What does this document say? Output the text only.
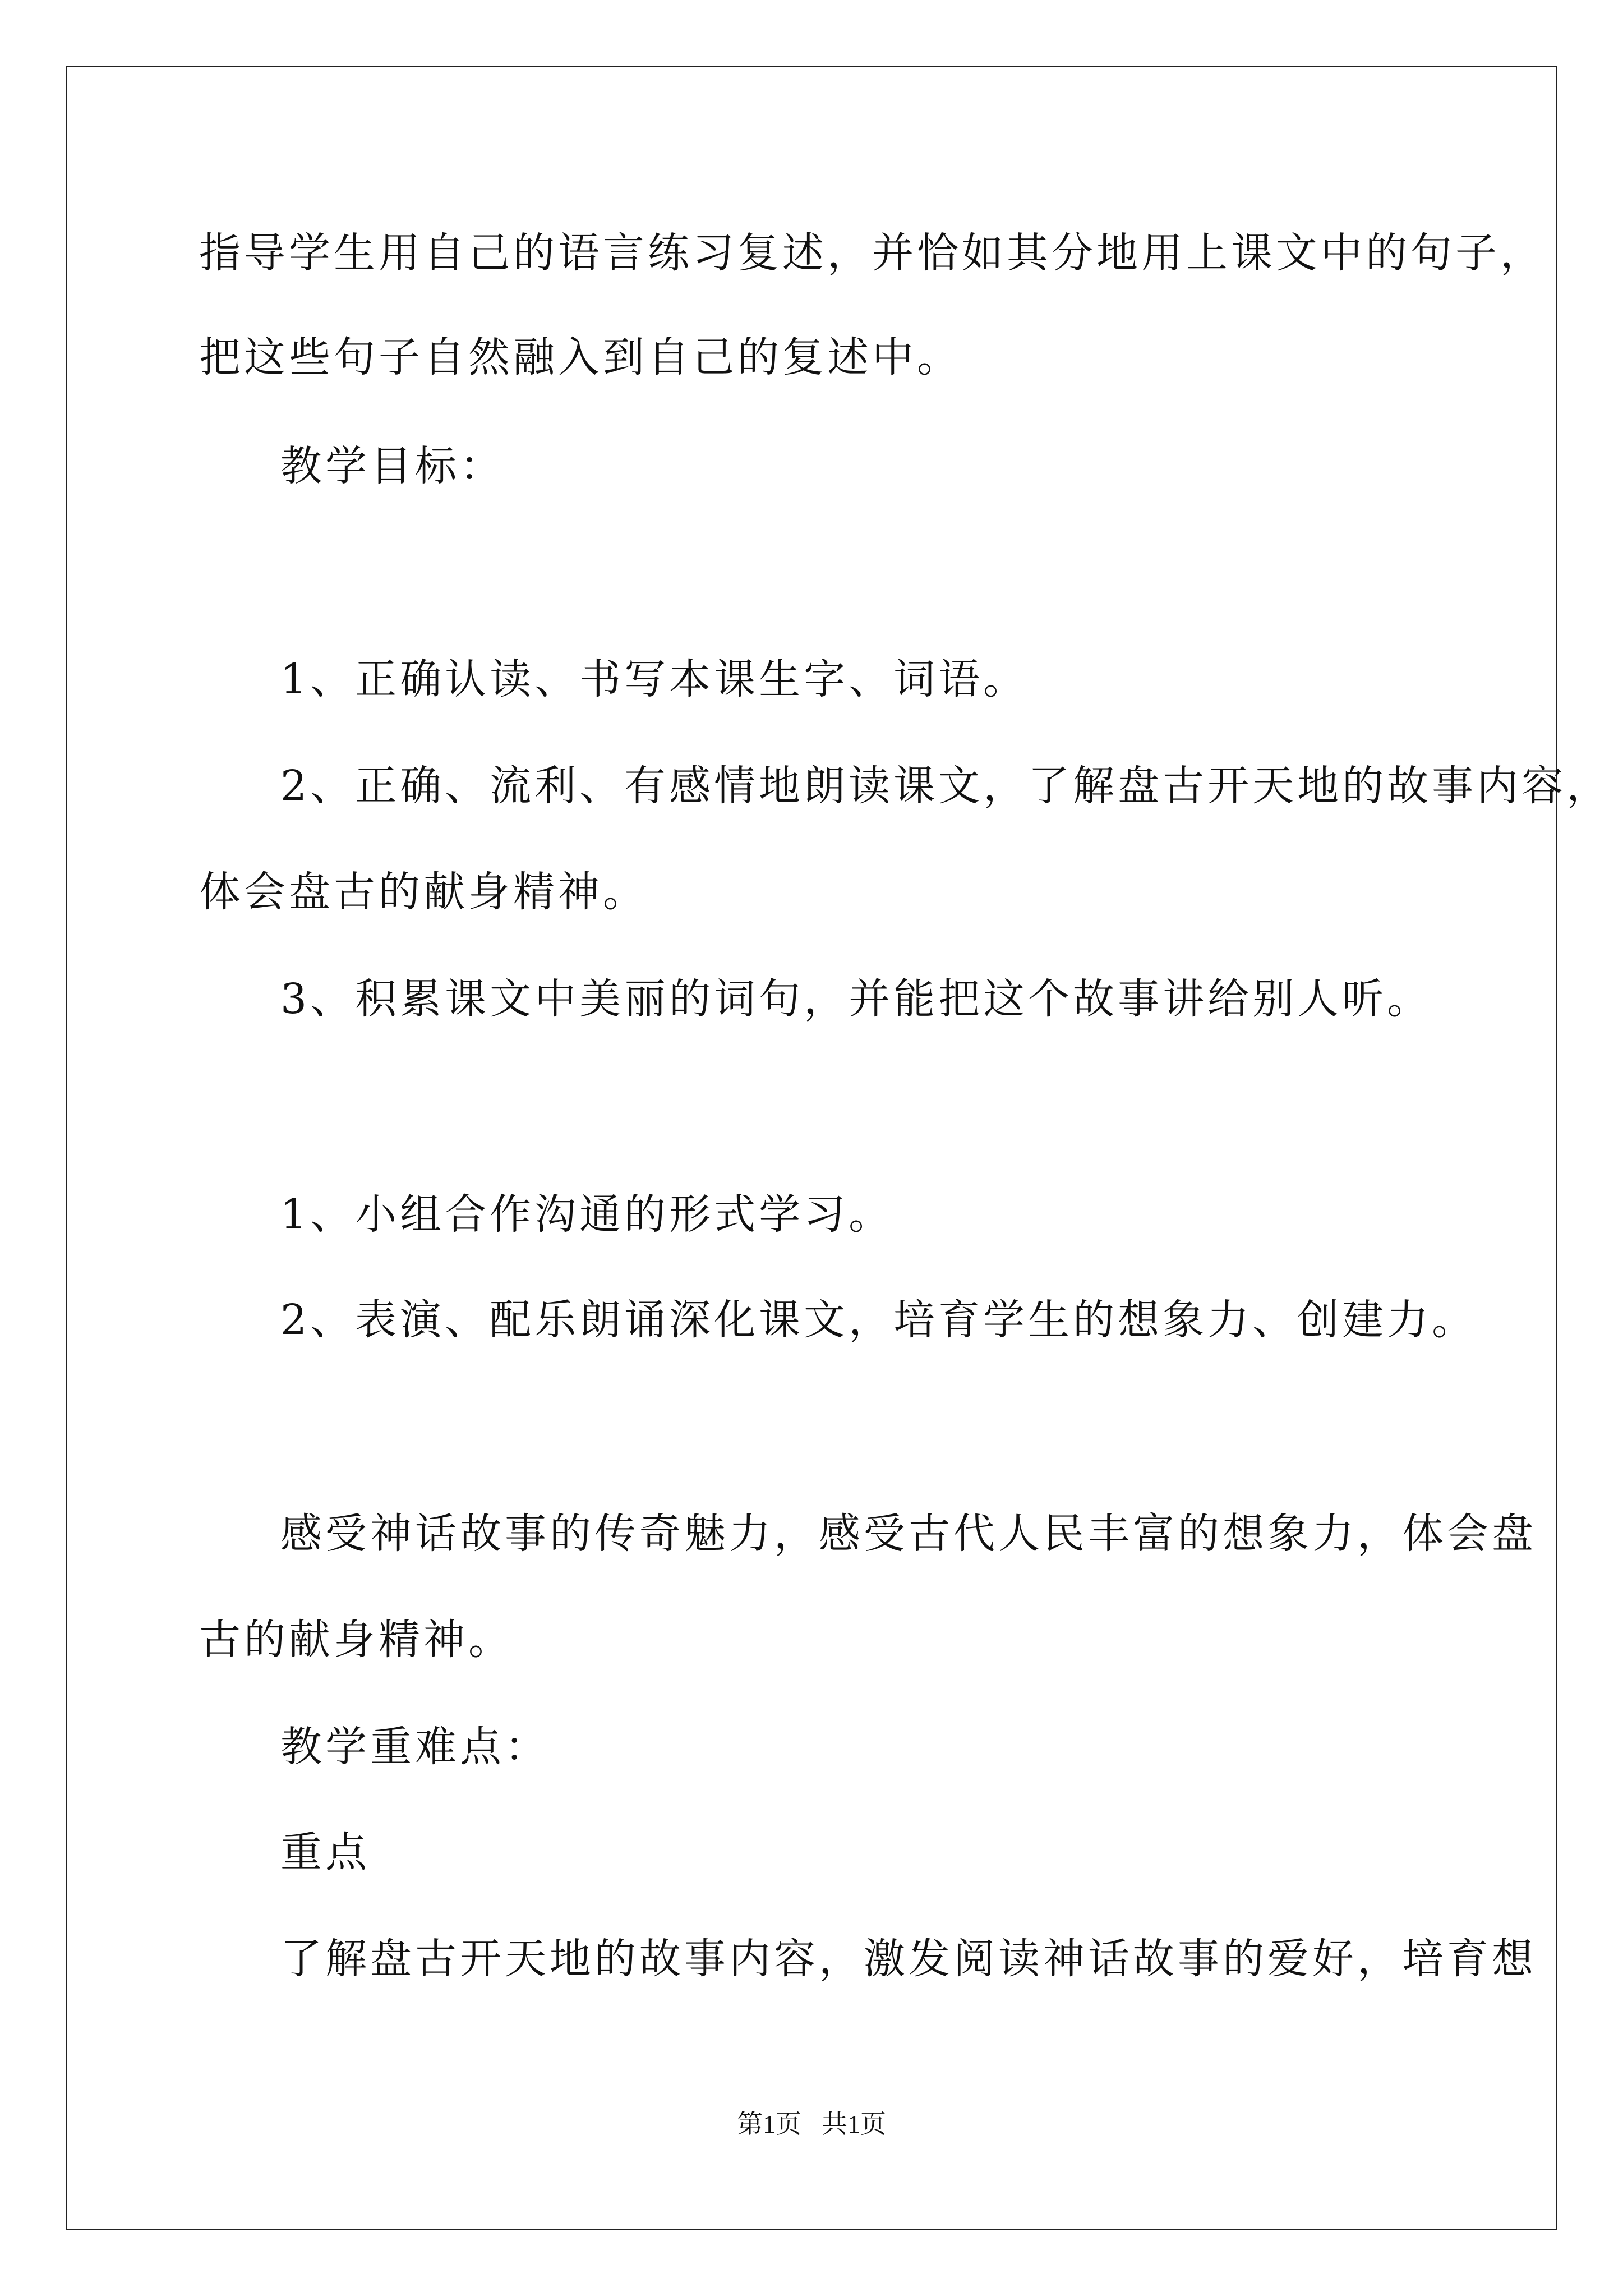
指导学生用自己的语言练习复述，并恰如其分地用上课文中的句子，
把这些句子自然融入到自己的复述中。
教学目标：
1、正确认读、书写本课生字、词语。
2、正确、流利、有感情地朗读课文，了解盘古开天地的故事内容，
体会盘古的献身精神。
3、积累课文中美丽的词句，并能把这个故事讲给别人听。
1、小组合作沟通的形式学习。
2、表演、配乐朗诵深化课文，培育学生的想象力、创建力。
感受神话故事的传奇魅力，感受古代人民丰富的想象力，体会盘
古的献身精神。
教学重难点：
重点
了解盘古开天地的故事内容，激发阅读神话故事的爱好，培育想
第1页 共1页
